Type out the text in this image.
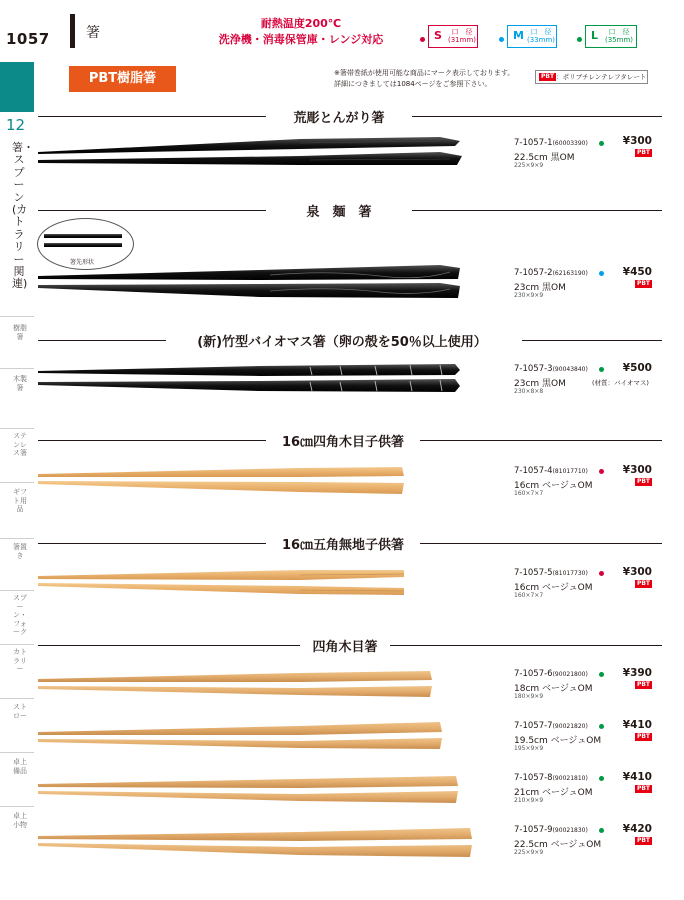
1057	箸
耐熱温度200℃
洗浄機・消毒保管庫・レンジ対応	S	口　径
(31mm)	M 口　径
(33mm)	L	口　径
(35mm)
12
箸・スプーン(カトラリー関連)
樹脂箸
木製箸
ステンレス箸
ギフト用品
箸置き
スプーン・フォーク
カトラリー
ストロー
卓上備品
卓上小物
PBT樹脂箸	※箸帯巻紙が使用可能な商品にマーク表示しております。
詳細につきましては1084ページをご参照下さい。
PBT ：ポリブチレンテレフタレート
荒彫とんがり箸
泉　麺　箸
(新)竹型バイオマス箸（卵の殻を50％以上使用）
16㎝四角木目子供箸
16㎝五角無地子供箸
四角木目箸
箸先形状
7-1057-1(60003390)	¥300
PBT
22.5cm 黒OM
225×9×9
7-1057-2(62163190)	¥450
PBT
23cm 黒OM
230×9×9
7-1057-3(90043840)	¥500
23cm 黒OM	(材質：バイオマス)
230×8×8
7-1057-4(81017710)	¥300
PBT
16cm ベージュOM
160×7×7
7-1057-5(81017730)	¥300
PBT
16cm ベージュOM
160×7×7
7-1057-6(90021800)	¥390
PBT
18cm ベージュOM
180×9×9
7-1057-7(90021820)	¥410
PBT
19.5cm ベージュOM
195×9×9
7-1057-8(90021810)	¥410
PBT
21cm ベージュOM
210×9×9
7-1057-9(90021830)	¥420
PBT
22.5cm ベージュOM
225×9×9
